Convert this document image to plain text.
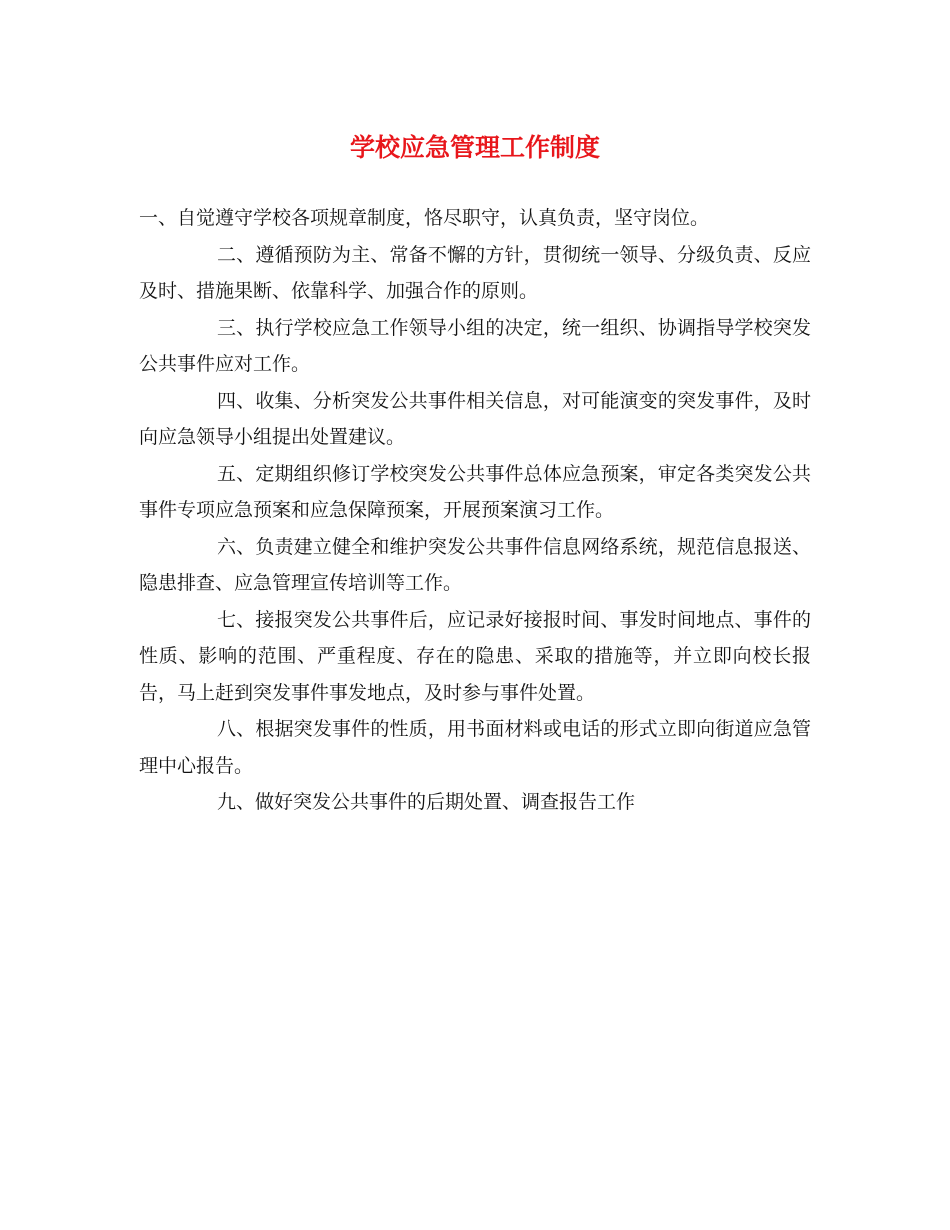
学校应急管理工作制度

一、自觉遵守学校各项规章制度，恪尽职守，认真负责，坚守岗位。

二、遵循预防为主、常备不懈的方针，贯彻统一领导、分级负责、反应及时、措施果断、依靠科学、加强合作的原则。

三、执行学校应急工作领导小组的决定，统一组织、协调指导学校突发公共事件应对工作。

四、收集、分析突发公共事件相关信息，对可能演变的突发事件，及时向应急领导小组提出处置建议。

五、定期组织修订学校突发公共事件总体应急预案，审定各类突发公共事件专项应急预案和应急保障预案，开展预案演习工作。

六、负责建立健全和维护突发公共事件信息网络系统，规范信息报送、隐患排查、应急管理宣传培训等工作。

七、接报突发公共事件后，应记录好接报时间、事发时间地点、事件的性质、影响的范围、严重程度、存在的隐患、采取的措施等，并立即向校长报告，马上赶到突发事件事发地点，及时参与事件处置。

八、根据突发事件的性质，用书面材料或电话的形式立即向街道应急管理中心报告。

九、做好突发公共事件的后期处置、调查报告工作
